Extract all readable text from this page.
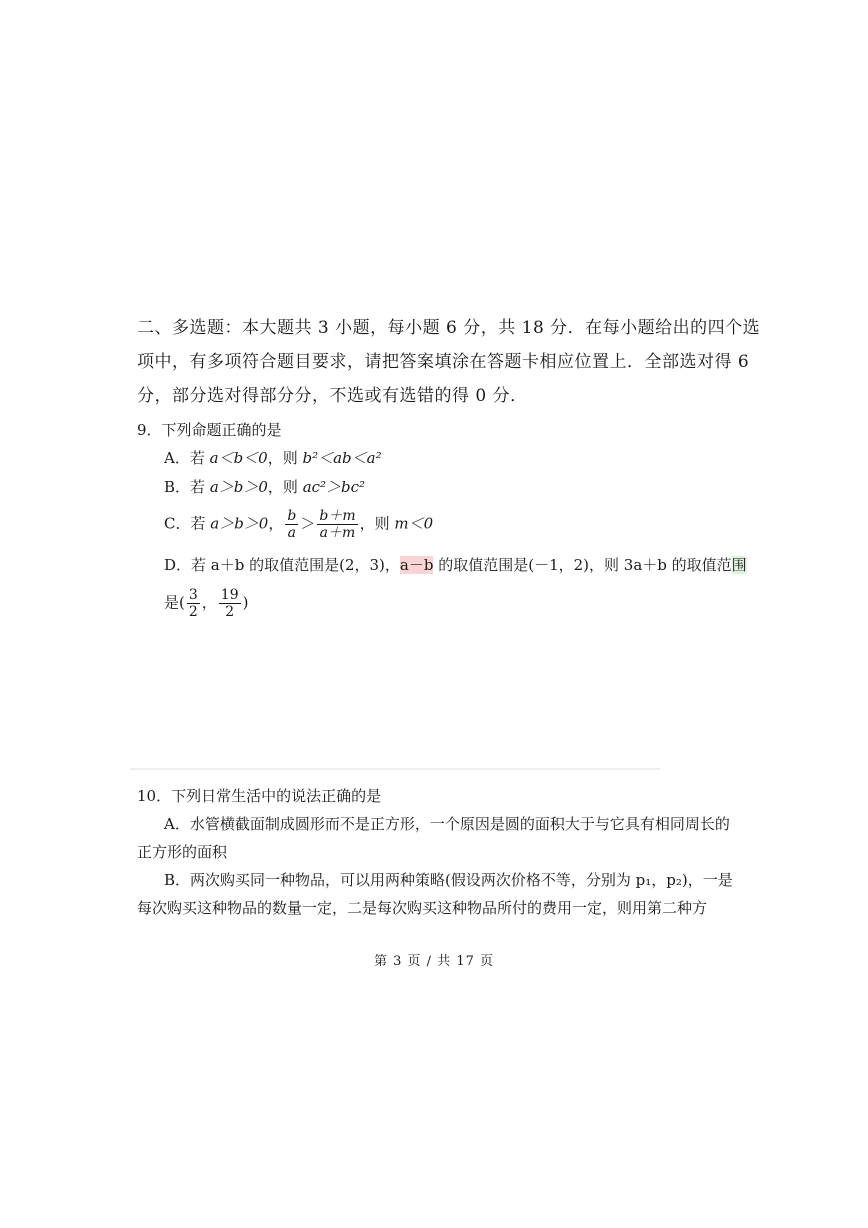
二、多选题：本大题共 3 小题，每小题 6 分，共 18 分．在每小题给出的四个选
项中，有多项符合题目要求，请把答案填涂在答题卡相应位置上．全部选对得 6
分，部分选对得部分分，不选或有选错的得 0 分．
9．下列命题正确的是
A．若 a＜b＜0，则 b²＜ab＜a²
B．若 a＞b＞0，则 ac²＞bc²
C．若 a＞b＞0， $\frac{b}{a} > \frac{b+m}{a+m}$ ，则 m＜0
D．若 a＋b 的取值范围是(2，3)，a－b 的取值范围是(－1，2)，则 3a＋b 的取值范围
是( $\frac{3}{2}$ ， $\frac{19}{2}$ )
10．下列日常生活中的说法正确的是
A．水管横截面制成圆形而不是正方形，一个原因是圆的面积大于与它具有相同周长的
正方形的面积
B．两次购买同一种物品，可以用两种策略(假设两次价格不等，分别为 p₁，p₂)，一是
每次购买这种物品的数量一定，二是每次购买这种物品所付的费用一定，则用第二种方
第 3 页 / 共 17 页
